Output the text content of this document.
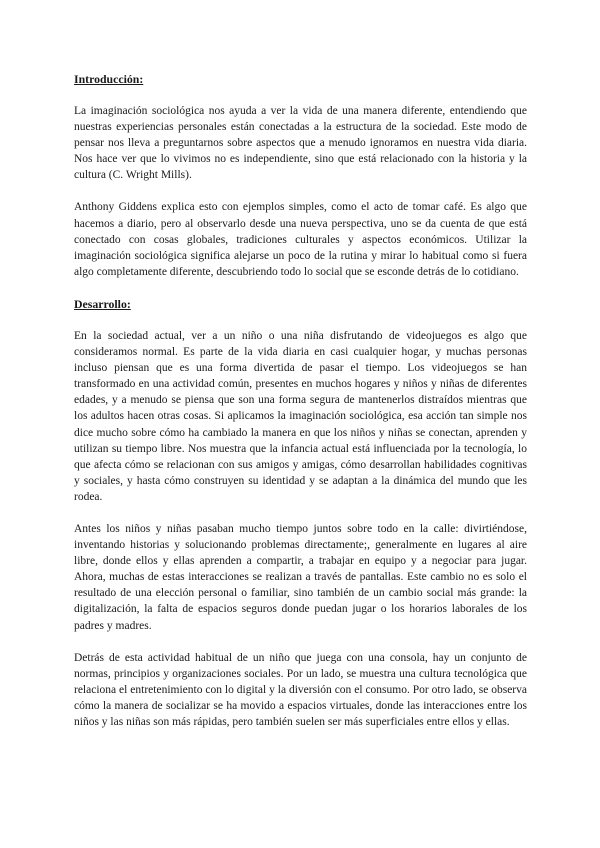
Introducción:

La imaginación sociológica nos ayuda a ver la vida de una manera diferente, entendiendo que nuestras experiencias personales están conectadas a la estructura de la sociedad. Este modo de pensar nos lleva a preguntarnos sobre aspectos que a menudo ignoramos en nuestra vida diaria. Nos hace ver que lo vivimos no es independiente, sino que está relacionado con la historia y la cultura (C. Wright Mills).

Anthony Giddens explica esto con ejemplos simples, como el acto de tomar café. Es algo que hacemos a diario, pero al observarlo desde una nueva perspectiva, uno se da cuenta de que está conectado con cosas globales, tradiciones culturales y aspectos económicos. Utilizar la imaginación sociológica significa alejarse un poco de la rutina y mirar lo habitual como si fuera algo completamente diferente, descubriendo todo lo social que se esconde detrás de lo cotidiano.

Desarrollo:

En la sociedad actual, ver a un niño o una niña disfrutando de videojuegos es algo que consideramos normal. Es parte de la vida diaria en casi cualquier hogar, y muchas personas incluso piensan que es una forma divertida de pasar el tiempo. Los videojuegos se han transformado en una actividad común, presentes en muchos hogares y niños y niñas de diferentes edades, y a menudo se piensa que son una forma segura de mantenerlos distraídos mientras que los adultos hacen otras cosas. Si aplicamos la imaginación sociológica, esa acción tan simple nos dice mucho sobre cómo ha cambiado la manera en que los niños y niñas se conectan, aprenden y utilizan su tiempo libre. Nos muestra que la infancia actual está influenciada por la tecnología, lo que afecta cómo se relacionan con sus amigos y amigas, cómo desarrollan habilidades cognitivas y sociales, y hasta cómo construyen su identidad y se adaptan a la dinámica del mundo que les rodea.

Antes los niños y niñas pasaban mucho tiempo juntos sobre todo en la calle: divirtiéndose, inventando historias y solucionando problemas directamente;, generalmente en lugares al aire libre, donde ellos y ellas aprenden a compartir, a trabajar en equipo y a negociar para jugar. Ahora, muchas de estas interacciones se realizan a través de pantallas. Este cambio no es solo el resultado de una elección personal o familiar, sino también de un cambio social más grande: la digitalización, la falta de espacios seguros donde puedan jugar o los horarios laborales de los padres y madres.

Detrás de esta actividad habitual de un niño que juega con una consola, hay un conjunto de normas, principios y organizaciones sociales. Por un lado, se muestra una cultura tecnológica que relaciona el entretenimiento con lo digital y la diversión con el consumo. Por otro lado, se observa cómo la manera de socializar se ha movido a espacios virtuales, donde las interacciones entre los niños y las niñas son más rápidas, pero también suelen ser más superficiales entre ellos y ellas.
